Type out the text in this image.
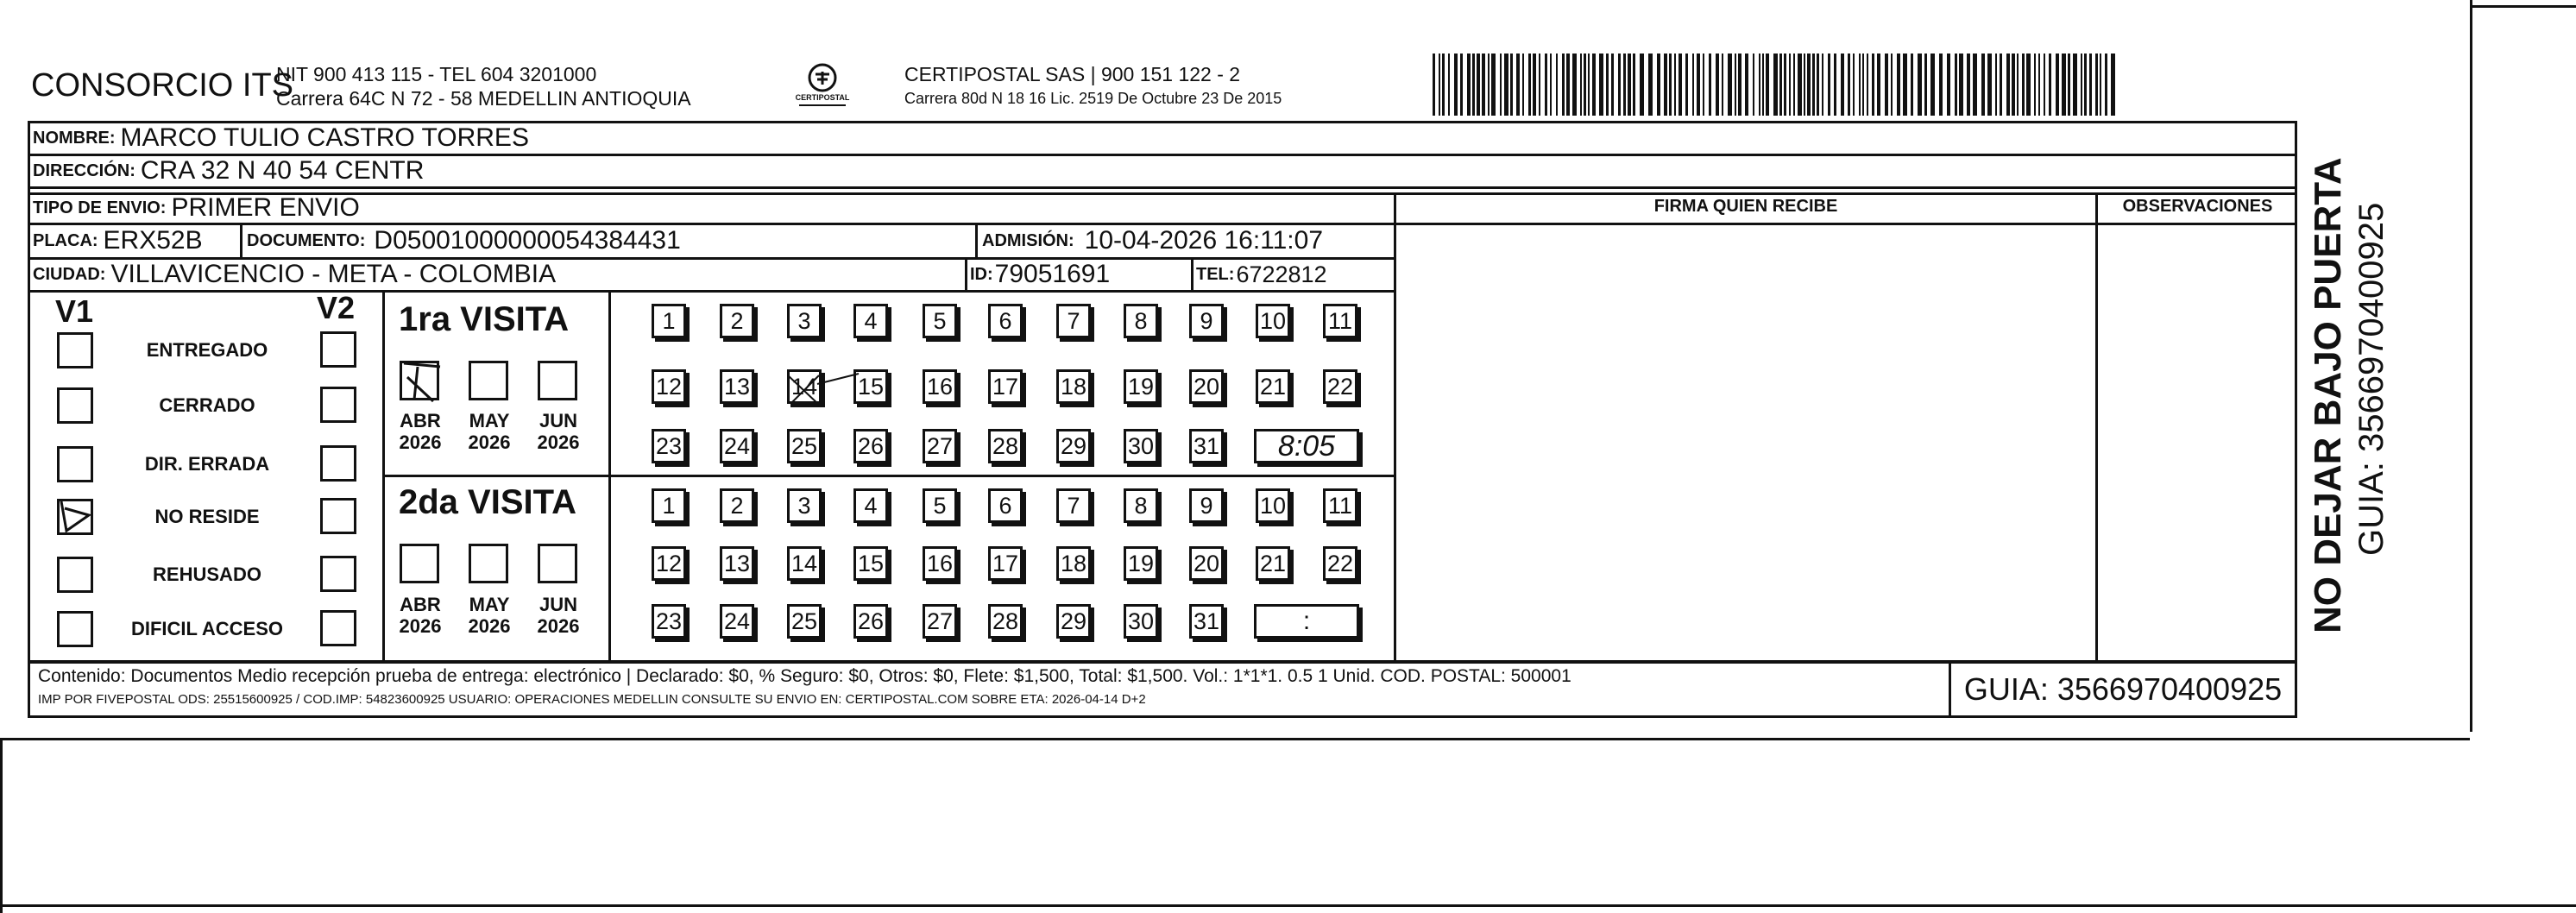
CONSORCIO ITS
NIT 900 413 115 - TEL 604 3201000
Carrera 64C N 72 - 58 MEDELLIN ANTIOQUIA	CERTIPOSTAL
CERTIPOSTAL SAS | 900 151 122 - 2
Carrera 80d N 18 16 Lic. 2519 De Octubre 23 De 2015
NOMBRE: MARCO TULIO CASTRO TORRES
DIRECCIÓN: CRA 32 N 40 54 CENTR
TIPO DE ENVIO: PRIMER ENVIO	FIRMA QUIEN RECIBE	OBSERVACIONES
PLACA: ERX52B	DOCUMENTO: D05001000000054384431	ADMISIÓN: 10-04-2026 16:11:07
CIUDAD: VILLAVICENCIO - META - COLOMBIA	ID: 79051691	TEL: 6722812
V1	V2
ENTREGADO
CERRADO
DIR. ERRADA
NO RESIDE
REHUSADO
DIFICIL ACCESO
1ra VISITA
2da VISITA
ABR
2026
MAY
2026
JUN
2026
ABR
2026
MAY
2026
JUN
2026
1	2	3	4	5	6	7	8	9	10 11
12 13 14 15 16 17 18 19 20 21 22
23 24 25 26 27 28 29 30 31	8:05
1	2	3	4	5	6	7	8	9	10 11
12 13 14 15 16 17 18 19 20 21 22
23 24 25 26 27 28 29 30 31	:
Contenido: Documentos Medio recepción prueba de entrega: electrónico | Declarado: $0, % Seguro: $0, Otros: $0, Flete: $1,500, Total: $1,500. Vol.: 1*1*1. 0.5 1 Unid. COD. POSTAL: 500001
IMP POR FIVEPOSTAL ODS: 25515600925 / COD.IMP: 54823600925 USUARIO: OPERACIONES MEDELLIN CONSULTE SU ENVIO EN: CERTIPOSTAL.COM SOBRE ETA: 2026-04-14 D+2	GUIA: 3566970400925
NO DEJAR BAJO PUERTA GUIA: 3566970400925
